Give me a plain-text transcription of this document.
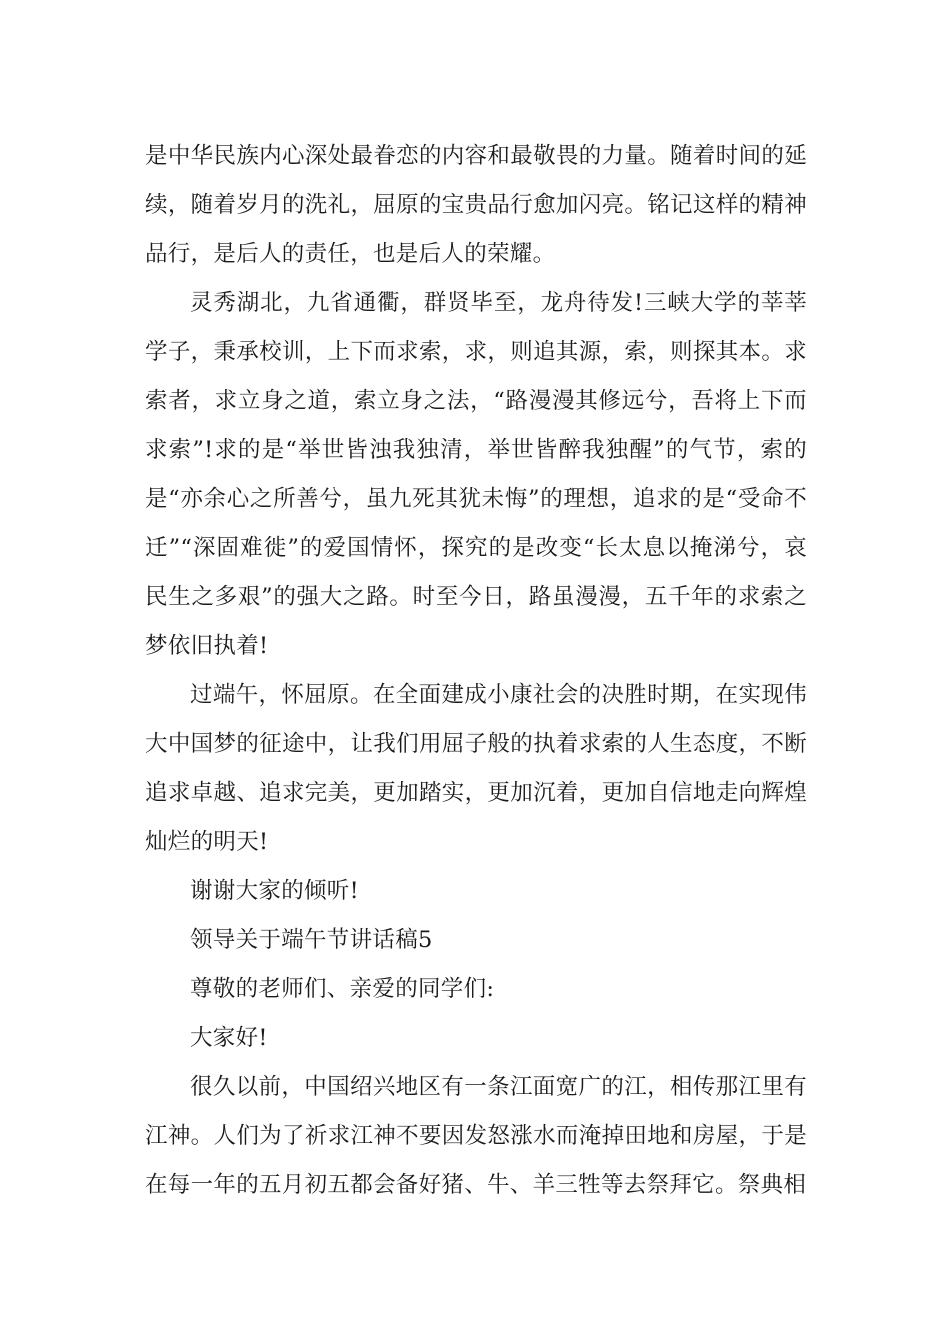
是中华民族内心深处最眷恋的内容和最敬畏的力量。随着时间的延续，随着岁月的洗礼，屈原的宝贵品行愈加闪亮。铭记这样的精神品行，是后人的责任，也是后人的荣耀。

灵秀湖北，九省通衢，群贤毕至，龙舟待发!三峡大学的莘莘学子，秉承校训，上下而求索，求，则追其源，索，则探其本。求索者，求立身之道，索立身之法，“路漫漫其修远兮，吾将上下而求索”!求的是“举世皆浊我独清，举世皆醉我独醒”的气节，索的是“亦余心之所善兮，虽九死其犹未悔”的理想，追求的是“受命不迁”“深固难徙”的爱国情怀，探究的是改变“长太息以掩涕兮，哀民生之多艰”的强大之路。时至今日，路虽漫漫，五千年的求索之梦依旧执着!

过端午，怀屈原。在全面建成小康社会的决胜时期，在实现伟大中国梦的征途中，让我们用屈子般的执着求索的人生态度，不断追求卓越、追求完美，更加踏实，更加沉着，更加自信地走向辉煌灿烂的明天!

谢谢大家的倾听!

领导关于端午节讲话稿5

尊敬的老师们、亲爱的同学们:

大家好!

很久以前，中国绍兴地区有一条江面宽广的江，相传那江里有江神。人们为了祈求江神不要因发怒涨水而淹掉田地和房屋，于是在每一年的五月初五都会备好猪、牛、羊三牲等去祭拜它。祭典相
